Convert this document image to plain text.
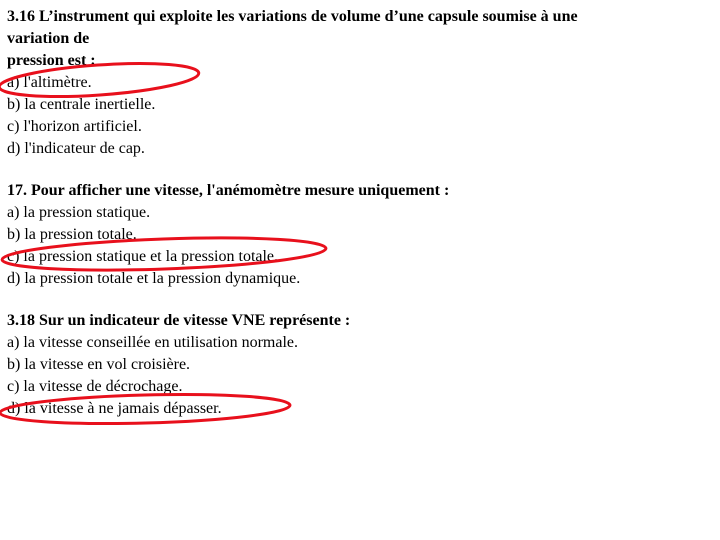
3.16 L’instrument qui exploite les variations de volume d’une capsule soumise à une
variation de
pression est :
a) l'altimètre.
b) la centrale inertielle.
c) l'horizon artificiel.
d) l'indicateur de cap.
17. Pour afficher une vitesse, l'anémomètre mesure uniquement :
a) la pression statique.
b) la pression totale.
c) la pression statique et la pression totale.
d) la pression totale et la pression dynamique.
3.18 Sur un indicateur de vitesse VNE représente :
a) la vitesse conseillée en utilisation normale.
b) la vitesse en vol croisière.
c) la vitesse de décrochage.
d) la vitesse à ne jamais dépasser.
